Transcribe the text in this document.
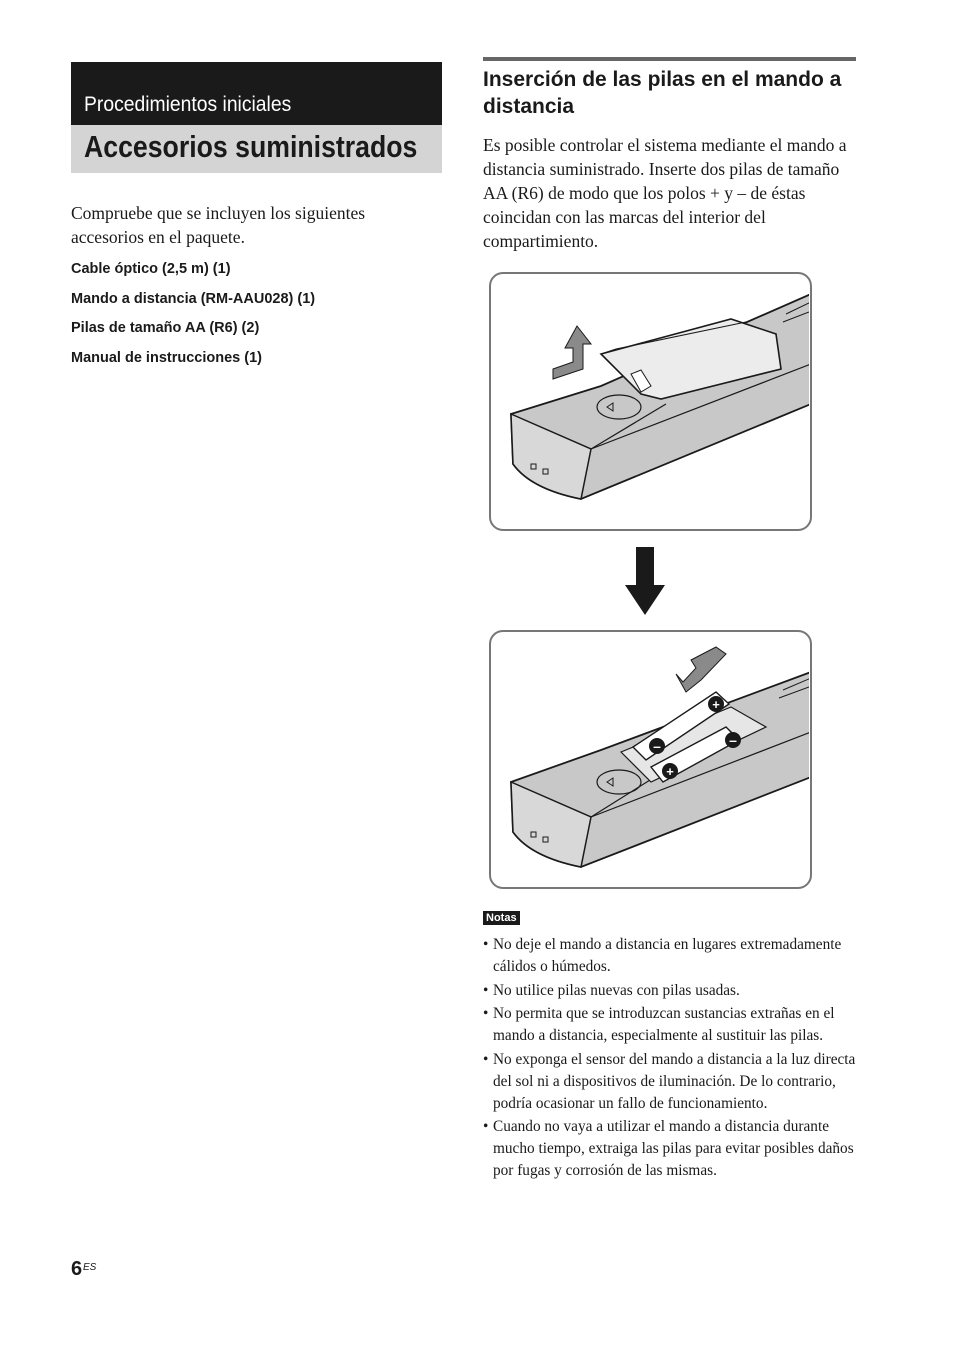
Procedimientos iniciales
Accesorios suministrados
Compruebe que se incluyen los siguientes accesorios en el paquete.
Cable óptico (2,5 m) (1)
Mando a distancia (RM-AAU028) (1)
Pilas de tamaño AA (R6) (2)
Manual de instrucciones (1)
Inserción de las pilas en el mando a distancia
Es posible controlar el sistema mediante el mando a distancia suministrado. Inserte dos pilas de tamaño AA (R6) de modo que los polos + y – de éstas coincidan con las marcas del interior del compartimiento.
+
–
+
–
Notas
• No deje el mando a distancia en lugares extremadamente cálidos o húmedos.
• No utilice pilas nuevas con pilas usadas.
• No permita que se introduzcan sustancias extrañas en el mando a distancia, especialmente al sustituir las pilas.
• No exponga el sensor del mando a distancia a la luz directa del sol ni a dispositivos de iluminación. De lo contrario, podría ocasionar un fallo de funcionamiento.
• Cuando no vaya a utilizar el mando a distancia durante mucho tiempo, extraiga las pilas para evitar posibles daños por fugas y corrosión de las mismas.
6 ES
